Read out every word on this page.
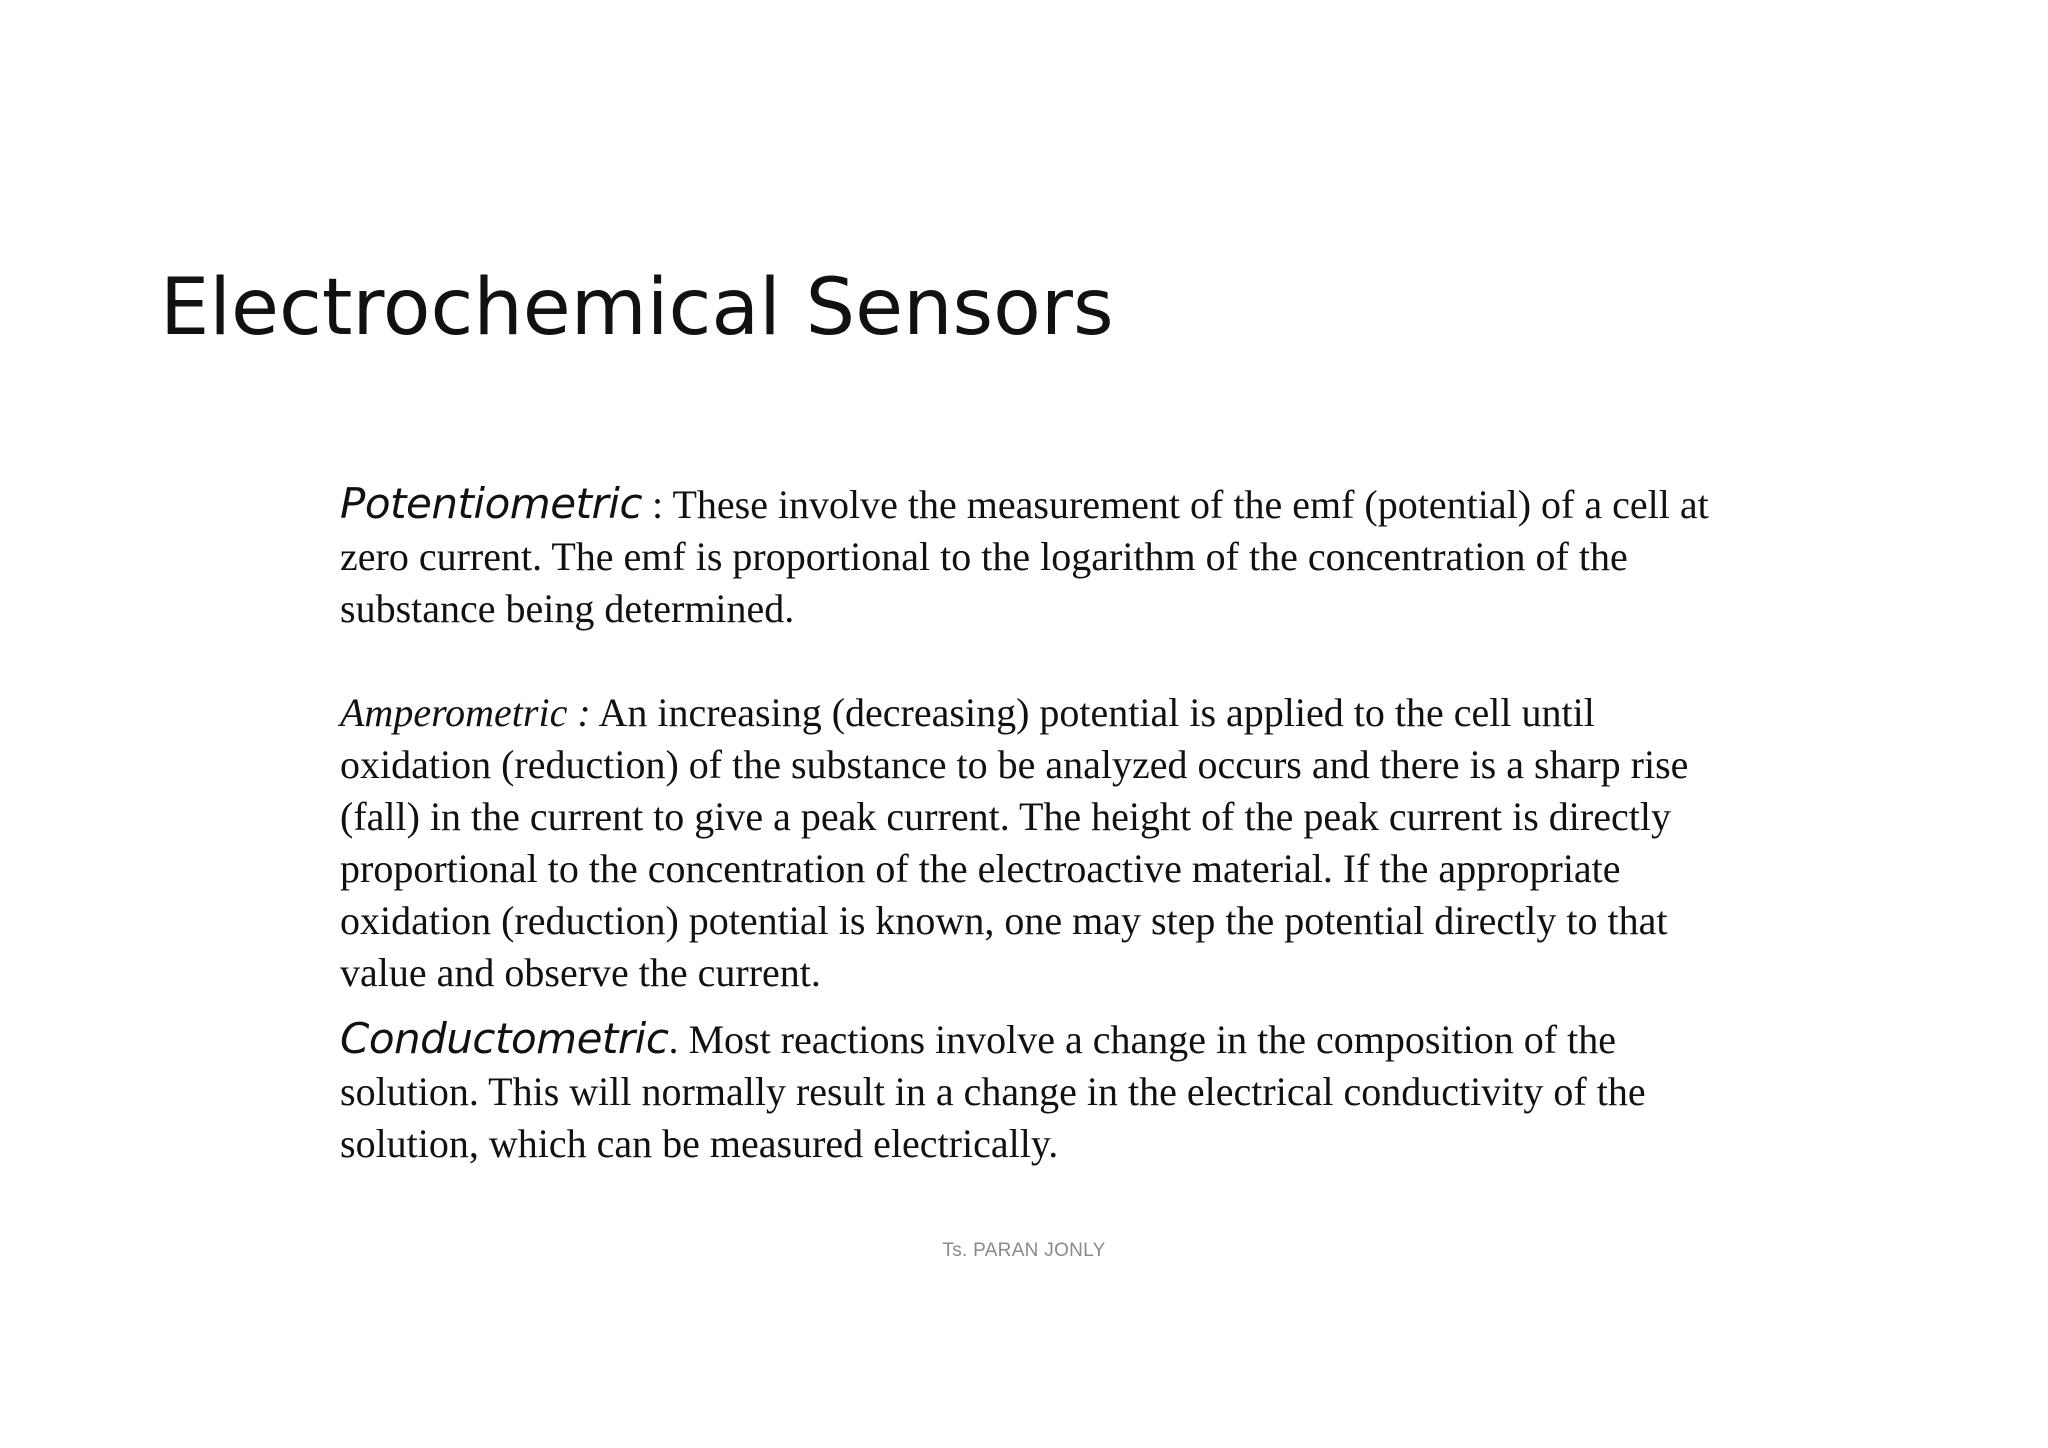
Electrochemical Sensors

Potentiometric : These involve the measurement of the emf (potential) of a cell at zero current. The emf is proportional to the logarithm of the concentration of the substance being determined.

Amperometric : An increasing (decreasing) potential is applied to the cell until oxidation (reduction) of the substance to be analyzed occurs and there is a sharp rise (fall) in the current to give a peak current. The height of the peak current is directly proportional to the concentration of the electroactive material. If the appropriate oxidation (reduction) potential is known, one may step the potential directly to that value and observe the current.

Conductometric. Most reactions involve a change in the composition of the solution. This will normally result in a change in the electrical conductivity of the solution, which can be measured electrically.

Ts. PARAN JONLY
